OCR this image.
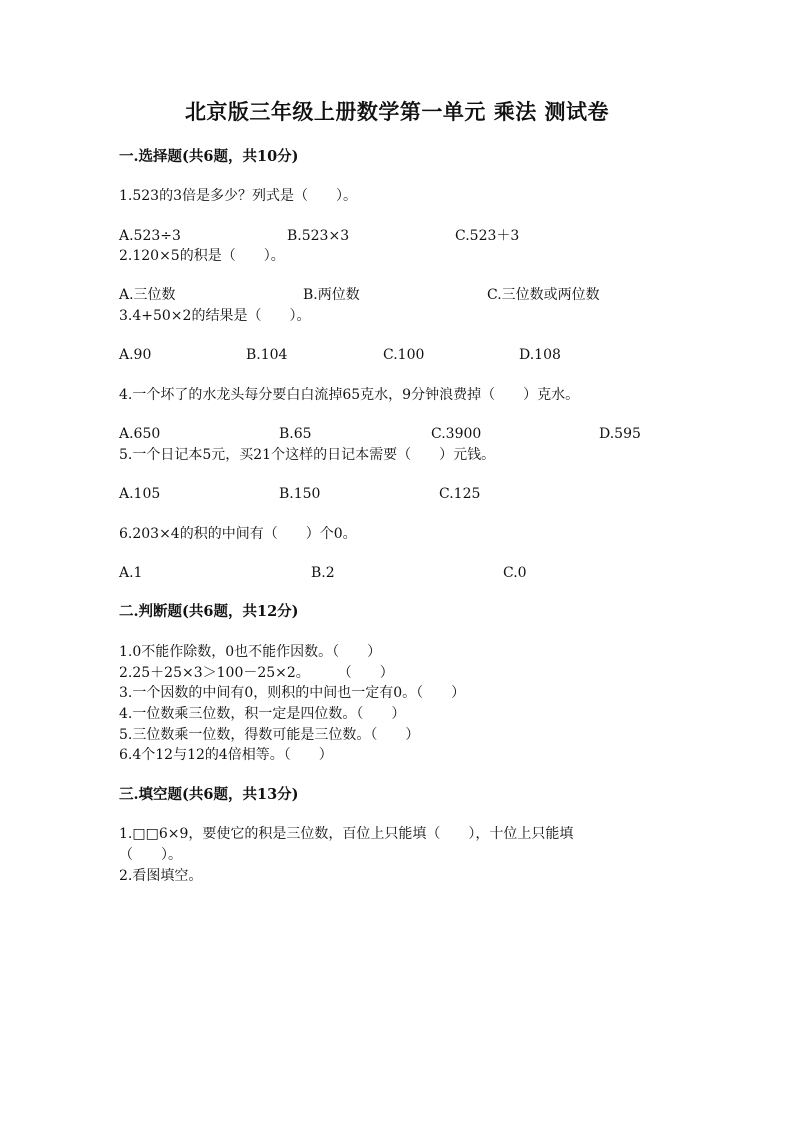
北京版三年级上册数学第一单元 乘法 测试卷
一.选择题(共6题，共10分)
1.523的3倍是多少？列式是（　　）。
A.523÷3	B.523×3	C.523＋3
2.120×5的积是（　　）。
A.三位数	B.两位数	C.三位数或两位数
3.4+50×2的结果是（　　）。
A.90	B.104	C.100	D.108
4.一个坏了的水龙头每分要白白流掉65克水，9分钟浪费掉（　　）克水。
A.650	B.65	C.3900	D.595
5.一个日记本5元，买21个这样的日记本需要（　　）元钱。
A.105	B.150	C.125
6.203×4的积的中间有（　　）个0。
A.1	B.2	C.0
二.判断题(共6题，共12分)
1.0不能作除数，0也不能作因数。（　　）
2.25＋25×3＞100－25×2。　　　（　　）
3.一个因数的中间有0，则积的中间也一定有0。（　　）
4.一位数乘三位数，积一定是四位数。（　　）
5.三位数乘一位数，得数可能是三位数。（　　）
6.4个12与12的4倍相等。（　　）
三.填空题(共6题，共13分)
1.□□6×9，要使它的积是三位数，百位上只能填（　　），十位上只能填
（　　）。
2.看图填空。
